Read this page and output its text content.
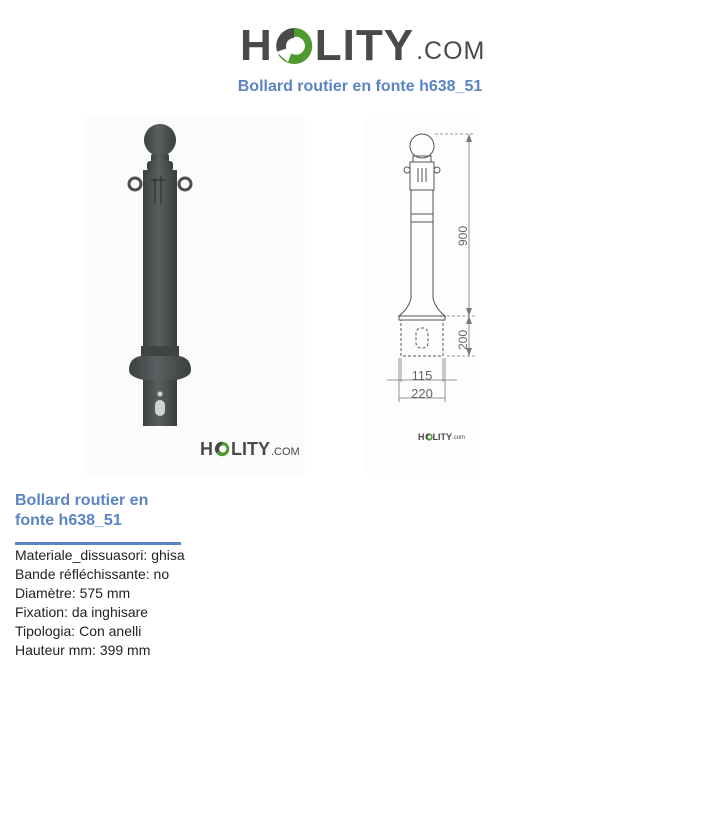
H LITY .COM
Bollard routier en fonte h638_51
H LITY .COM
900
200
115
220
H LITY .com
Bollard routier en fonte h638_51
Materiale_dissuasori: ghisa
Bande réfléchissante: no
Diamètre: 575 mm
Fixation: da inghisare
Tipologia: Con anelli
Hauteur mm: 399 mm
